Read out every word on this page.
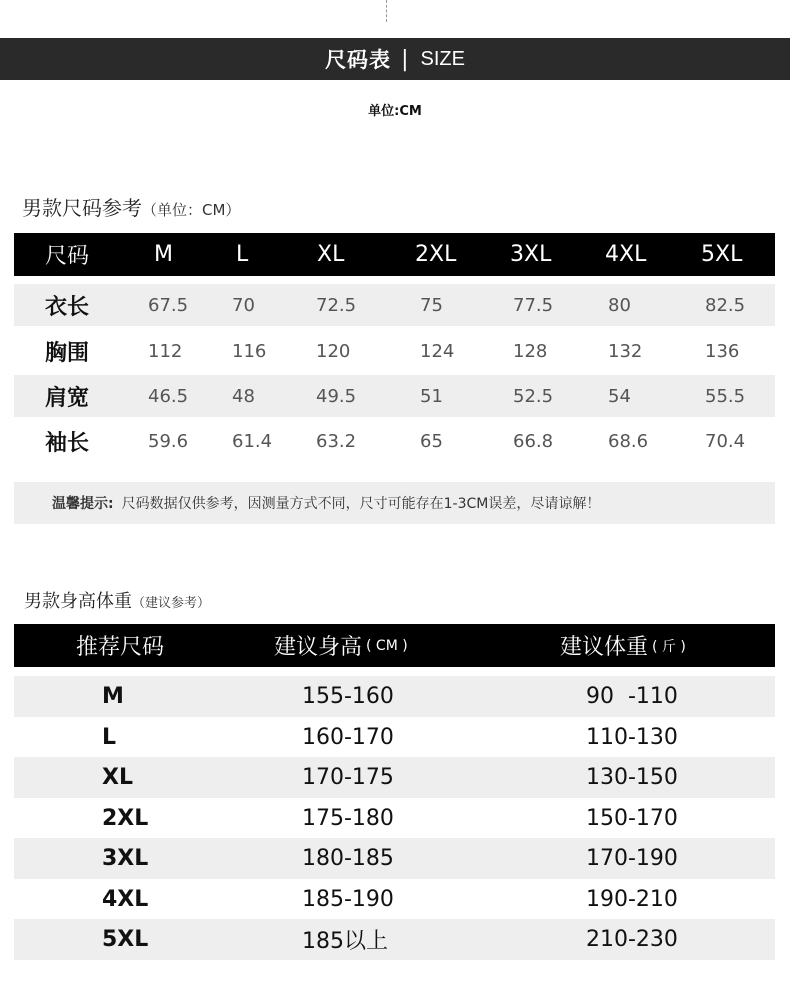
尺码表 | SIZE
单位:CM
男款尺码参考（单位：CM）
尺码	M	L	XL	2XL 3XL 4XL 5XL
衣长	67.5 70	72.5	75	77.5	80	82.5
胸围	112	116	120	124	128	132	136
肩宽	46.5 48	49.5	51	52.5	54	55.5
袖长	59.6 61.4 63.2	65	66.8	68.6	70.4
温馨提示: 尺码数据仅供参考，因测量方式不同，尺寸可能存在1-3CM误差，尽请谅解！
男款身高体重（建议参考）
推荐尺码	建议身高 ( CM )	建议体重 ( 斤 )
M	155-160	90  -110
L	160-170	110-130
XL	170-175	130-150
2XL	175-180	150-170
3XL	180-185	170-190
4XL	185-190	190-210
5XL	185以上	210-230
